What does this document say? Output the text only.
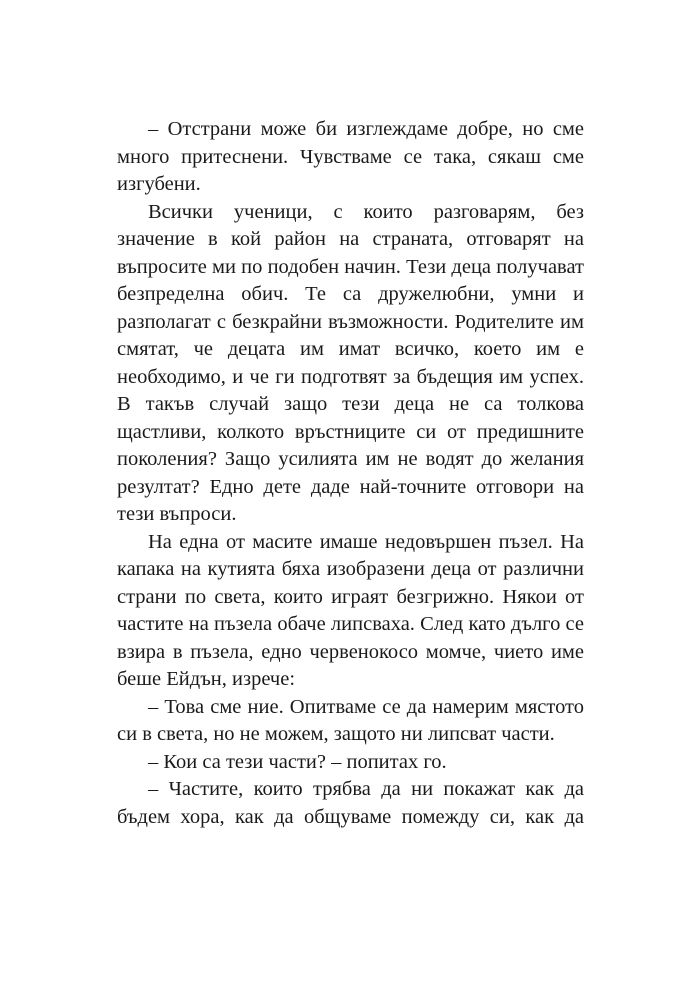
– Отстрани може би изглеждаме добре, но сме много притеснени. Чувстваме се така, сякаш сме изгубени.

Всички ученици, с които разговарям, без значение в кой район на страната, отговарят на въпросите ми по подобен начин. Тези деца получават безпределна обич. Те са дружелюбни, умни и разполагат с безкрайни възможности. Родителите им смятат, че децата им имат всичко, което им е необходимо, и че ги подготвят за бъдещия им успех. В такъв случай защо тези деца не са толкова щастливи, колкото връстниците си от предишните поколения? Защо усилията им не водят до желания резултат? Едно дете даде най-точните отговори на тези въпроси.

На една от масите имаше недовършен пъзел. На капака на кутията бяха изобразени деца от различни страни по света, които играят безгрижно. Някои от частите на пъзела обаче липсваха. След като дълго се взира в пъзела, едно червенокосо момче, чието име беше Ейдън, изрече:

– Това сме ние. Опитваме се да намерим мястото си в света, но не можем, защото ни липсват части.

– Кои са тези части? – попитах го.

– Частите, които трябва да ни покажат как да бъдем хора, как да общуваме помежду си, как да
